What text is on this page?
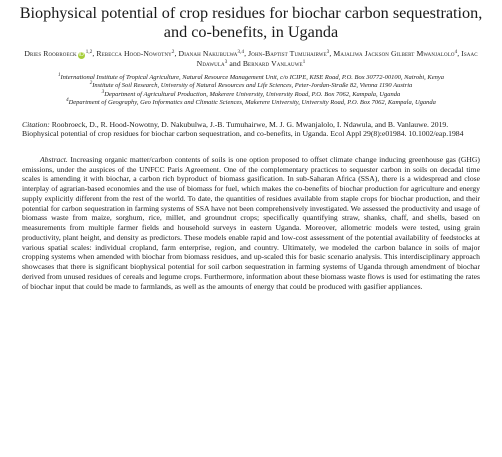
Biophysical potential of crop residues for biochar carbon sequestration, and co-benefits, in Uganda
Dries Roobroeck iD $^{1,2}$, Rebecca Hood-Nowotny$^2$, Dianah Nakubulwa$^{3,4}$, John-Baptist Tumuhairwe$^3$, Majaliwa Jackson Gilbert Mwanjalolo$^4$, Isaac Ndawula$^3$ and Bernard Vanlauwe$^1$
$^1$International Institute of Tropical Agriculture, Natural Resource Management Unit, c/o ICIPE, KISE Road, P.O. Box 30772-00100, Nairobi, Kenya
$^2$Institute of Soil Research, University of Natural Resources and Life Sciences, Peter-Jordan-Straße 82, Vienna 1190 Austria
$^3$Department of Agricultural Production, Makerere University, University Road, P.O. Box 7062, Kampala, Uganda
$^4$Department of Geography, Geo Informatics and Climatic Sciences, Makerere University, University Road, P.O. Box 7062, Kampala, Uganda
Citation: Roobroeck, D., R. Hood-Nowotny, D. Nakubulwa, J.-B. Tumuhairwe, M. J. G. Mwanjalolo, I. Ndawula, and B. Vanlauwe. 2019. Biophysical potential of crop residues for biochar carbon sequestration, and co-benefits, in Uganda. Ecol Appl 29(8):e01984. 10.1002/eap.1984
Abstract. Increasing organic matter/carbon contents of soils is one option proposed to offset climate change inducing greenhouse gas (GHG) emissions, under the auspices of the UNFCC Paris Agreement. One of the complementary practices to sequester carbon in soils on decadal time scales is amending it with biochar, a carbon rich byproduct of biomass gasification. In sub-Saharan Africa (SSA), there is a widespread and close interplay of agrarian-based economies and the use of biomass for fuel, which makes the co-benefits of biochar production for agriculture and energy supply explicitly different from the rest of the world. To date, the quantities of residues available from staple crops for biochar production, and their potential for carbon sequestration in farming systems of SSA have not been comprehensively investigated. We assessed the productivity and usage of biomass waste from maize, sorghum, rice, millet, and groundnut crops; specifically quantifying straw, shanks, chaff, and shells, based on measurements from multiple farmer fields and household surveys in eastern Uganda. Moreover, allometric models were tested, using grain productivity, plant height, and density as predictors. These models enable rapid and low-cost assessment of the potential availability of feedstocks at various spatial scales: individual cropland, farm enterprise, region, and country. Ultimately, we modeled the carbon balance in soils of major cropping systems when amended with biochar from biomass residues, and up-scaled this for basic scenario analysis. This interdisciplinary approach showcases that there is significant biophysical potential for soil carbon sequestration in farming systems of Uganda through amendment of biochar derived from unused residues of cereals and legume crops. Furthermore, information about these biomass waste flows is used for estimating the rates of biochar input that could be made to farmlands, as well as the amounts of energy that could be produced with gasifier appliances.
